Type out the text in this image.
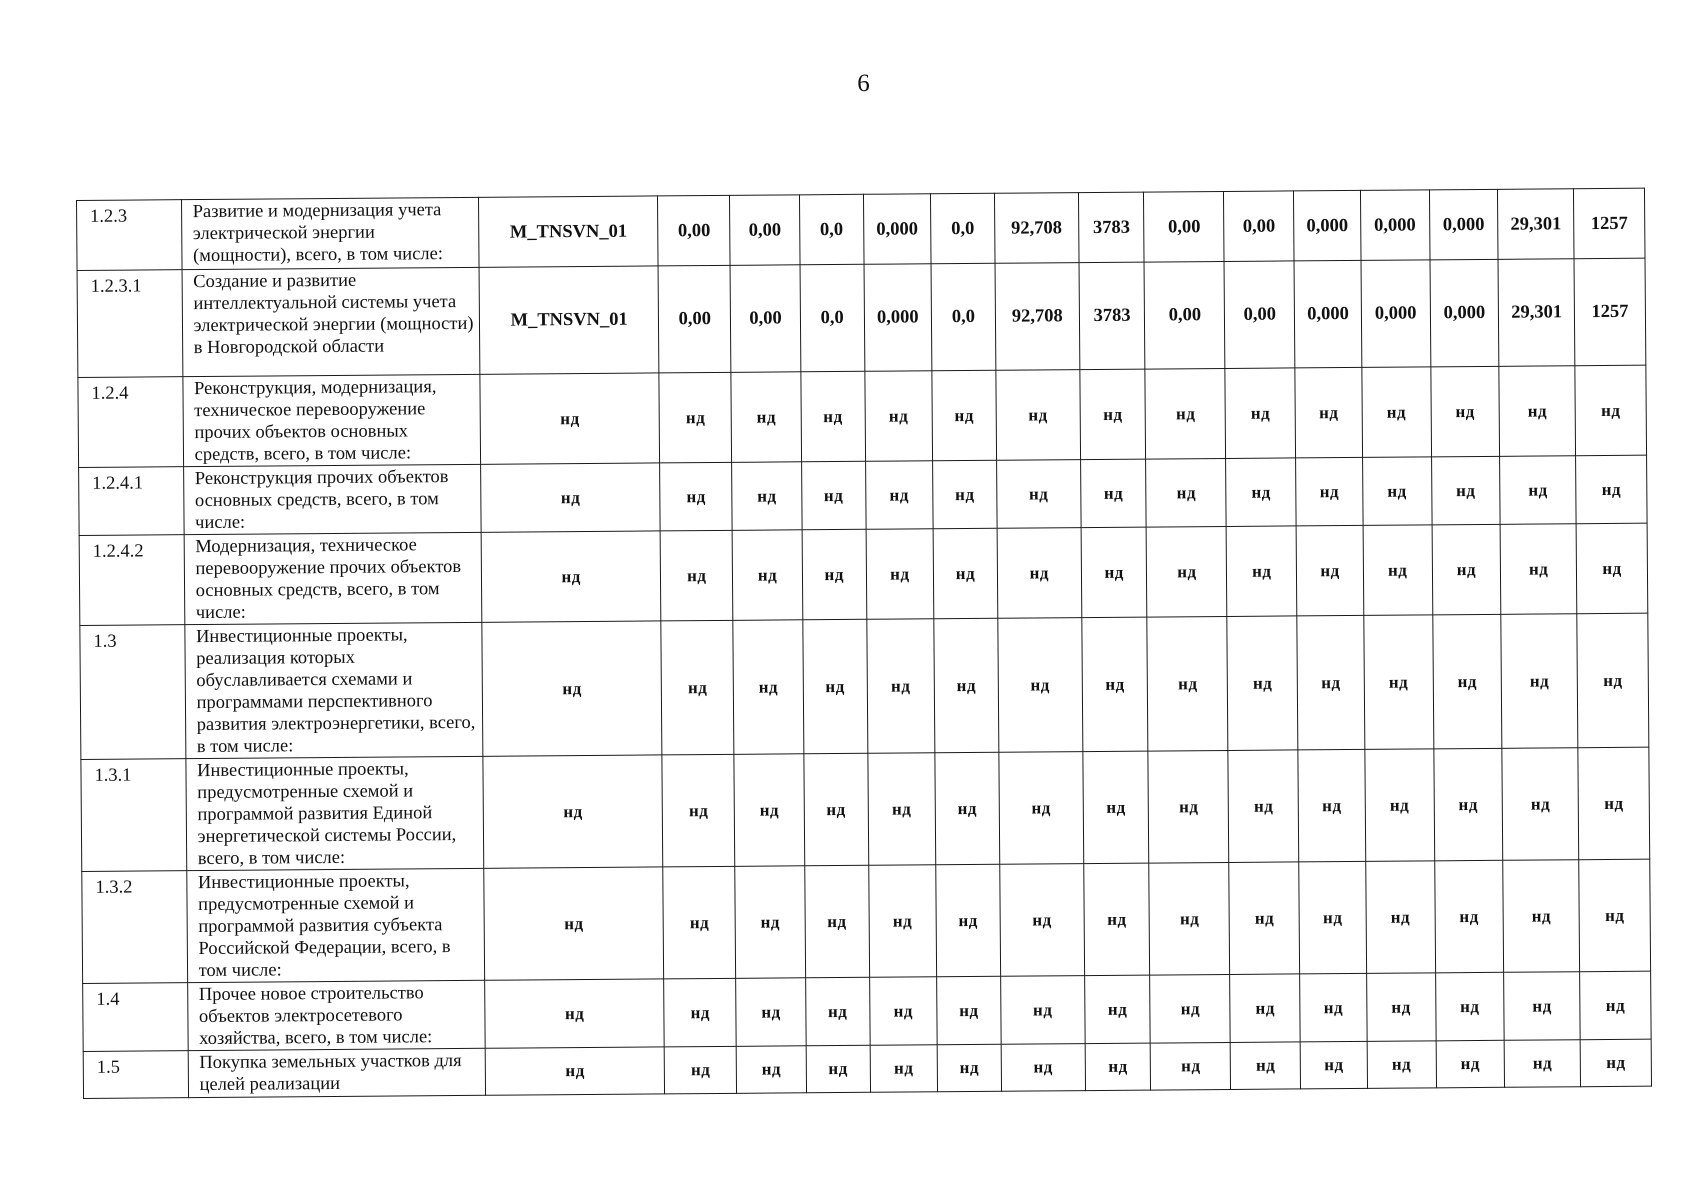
6
1.2.3	Развитие и модернизация учета электрической энергии (мощности), всего, в том числе:	M_TNSVN_01	0,00	0,00	0,0	0,000	0,0	92,708	3783	0,00	0,00	0,000	0,000	0,000	29,301	1257
1.2.3.1	Создание и развитие интеллектуальной системы учета электрической энергии (мощности) в Новгородской области	M_TNSVN_01	0,00	0,00	0,0	0,000	0,0	92,708	3783	0,00	0,00	0,000	0,000	0,000	29,301	1257
1.2.4	Реконструкция, модернизация, техническое перевооружение прочих объектов основных средств, всего, в том числе:	нд	нд	нд	нд	нд	нд	нд	нд	нд	нд	нд	нд	нд	нд	нд
1.2.4.1	Реконструкция прочих объектов основных средств, всего, в том числе:	нд	нд	нд	нд	нд	нд	нд	нд	нд	нд	нд	нд	нд	нд	нд
1.2.4.2	Модернизация, техническое перевооружение прочих объектов основных средств, всего, в том числе:	нд	нд	нд	нд	нд	нд	нд	нд	нд	нд	нд	нд	нд	нд	нд
1.3	Инвестиционные проекты, реализация которых обуславливается схемами и программами перспективного развития электроэнергетики, всего, в том числе:	нд	нд	нд	нд	нд	нд	нд	нд	нд	нд	нд	нд	нд	нд	нд
1.3.1	Инвестиционные проекты, предусмотренные схемой и программой развития Единой энергетической системы России, всего, в том числе:	нд	нд	нд	нд	нд	нд	нд	нд	нд	нд	нд	нд	нд	нд	нд
1.3.2	Инвестиционные проекты, предусмотренные схемой и программой развития субъекта Российской Федерации, всего, в том числе:	нд	нд	нд	нд	нд	нд	нд	нд	нд	нд	нд	нд	нд	нд	нд
1.4	Прочее новое строительство объектов электросетевого хозяйства, всего, в том числе:	нд	нд	нд	нд	нд	нд	нд	нд	нд	нд	нд	нд	нд	нд	нд
1.5	Покупка земельных участков для целей реализации	нд	нд	нд	нд	нд	нд	нд	нд	нд	нд	нд	нд	нд	нд	нд
